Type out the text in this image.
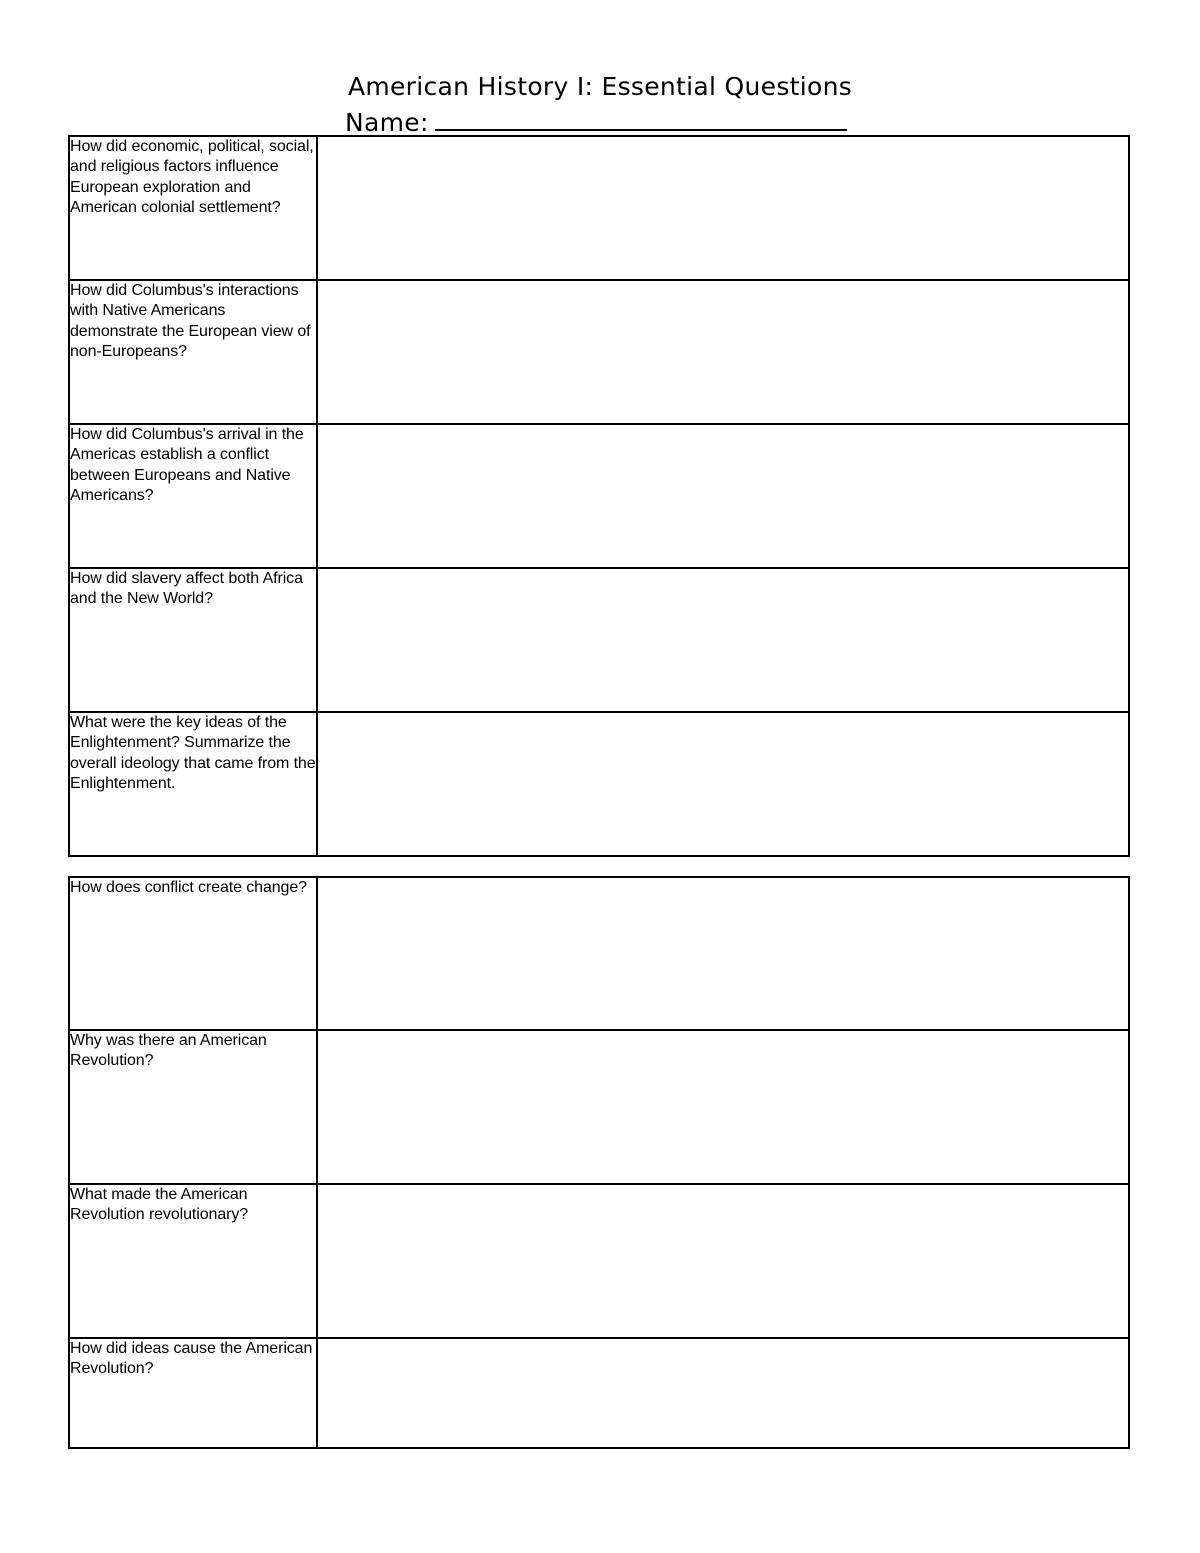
American History I: Essential Questions
Name:
How did economic, political, social, and religious factors influence European exploration and American colonial settlement?	
How did Columbus's interactions with Native Americans demonstrate the European view of non-Europeans?	
How did Columbus's arrival in the Americas establish a conflict between Europeans and Native Americans?	
How did slavery affect both Africa and the New World?	
What were the key ideas of the Enlightenment? Summarize the overall ideology that came from the Enlightenment.	
How does conflict create change?	
Why was there an American Revolution?	
What made the American Revolution revolutionary?	
How did ideas cause the American Revolution?	
